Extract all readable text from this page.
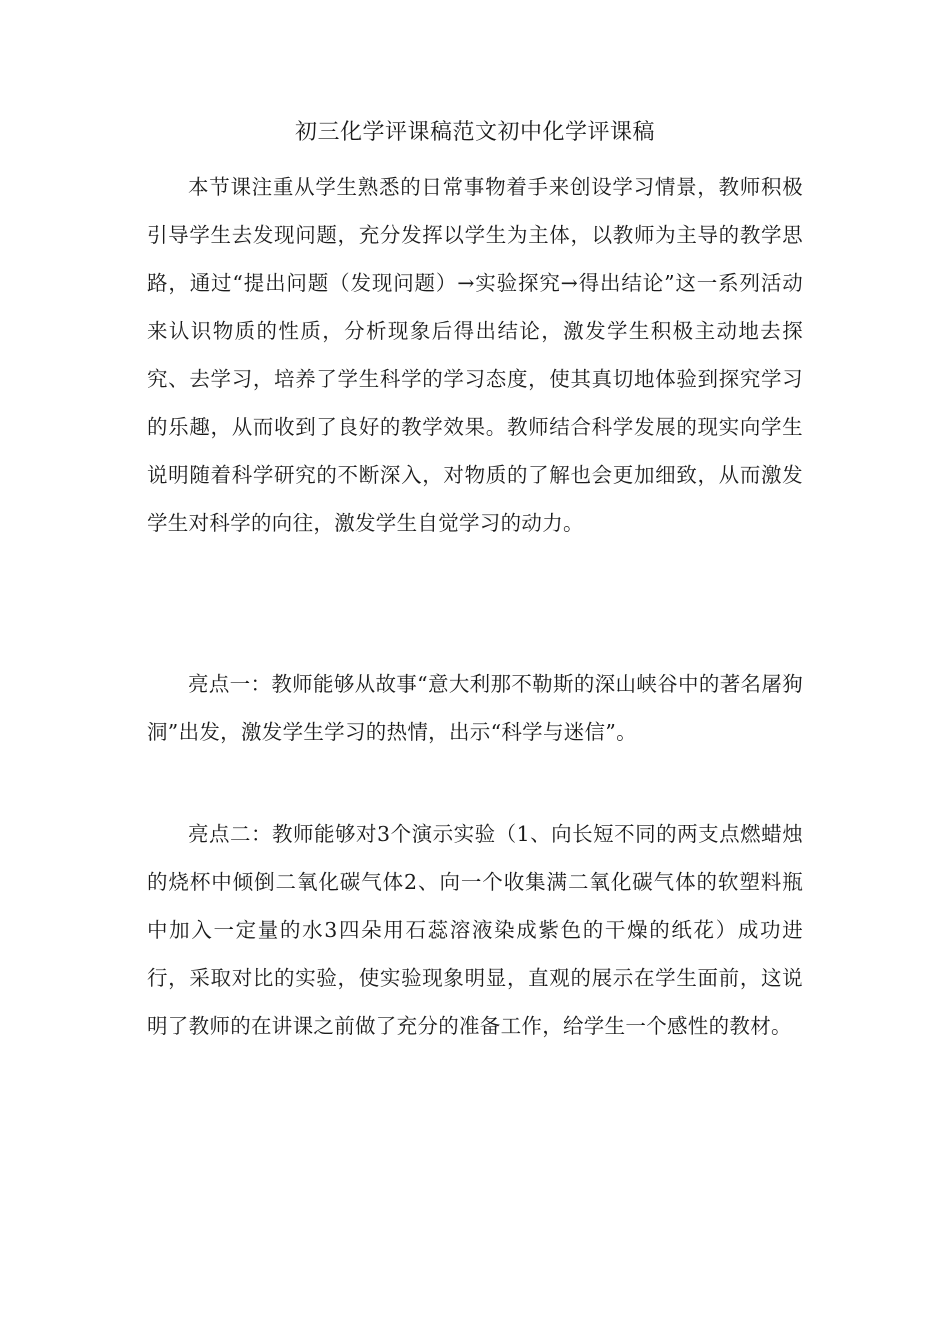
初三化学评课稿范文初中化学评课稿

本节课注重从学生熟悉的日常事物着手来创设学习情景，教师积极引导学生去发现问题，充分发挥以学生为主体，以教师为主导的教学思路，通过“提出问题（发现问题）→实验探究→得出结论”这一系列活动来认识物质的性质，分析现象后得出结论，激发学生积极主动地去探究、去学习，培养了学生科学的学习态度，使其真切地体验到探究学习的乐趣，从而收到了良好的教学效果。教师结合科学发展的现实向学生说明随着科学研究的不断深入，对物质的了解也会更加细致，从而激发学生对科学的向往，激发学生自觉学习的动力。

亮点一：教师能够从故事“意大利那不勒斯的深山峡谷中的著名屠狗洞”出发，激发学生学习的热情，出示“科学与迷信”。

亮点二：教师能够对3个演示实验（1、向长短不同的两支点燃蜡烛的烧杯中倾倒二氧化碳气体2、向一个收集满二氧化碳气体的软塑料瓶中加入一定量的水3四朵用石蕊溶液染成紫色的干燥的纸花）成功进行，采取对比的实验，使实验现象明显，直观的展示在学生面前，这说明了教师的在讲课之前做了充分的准备工作，给学生一个感性的教材。
